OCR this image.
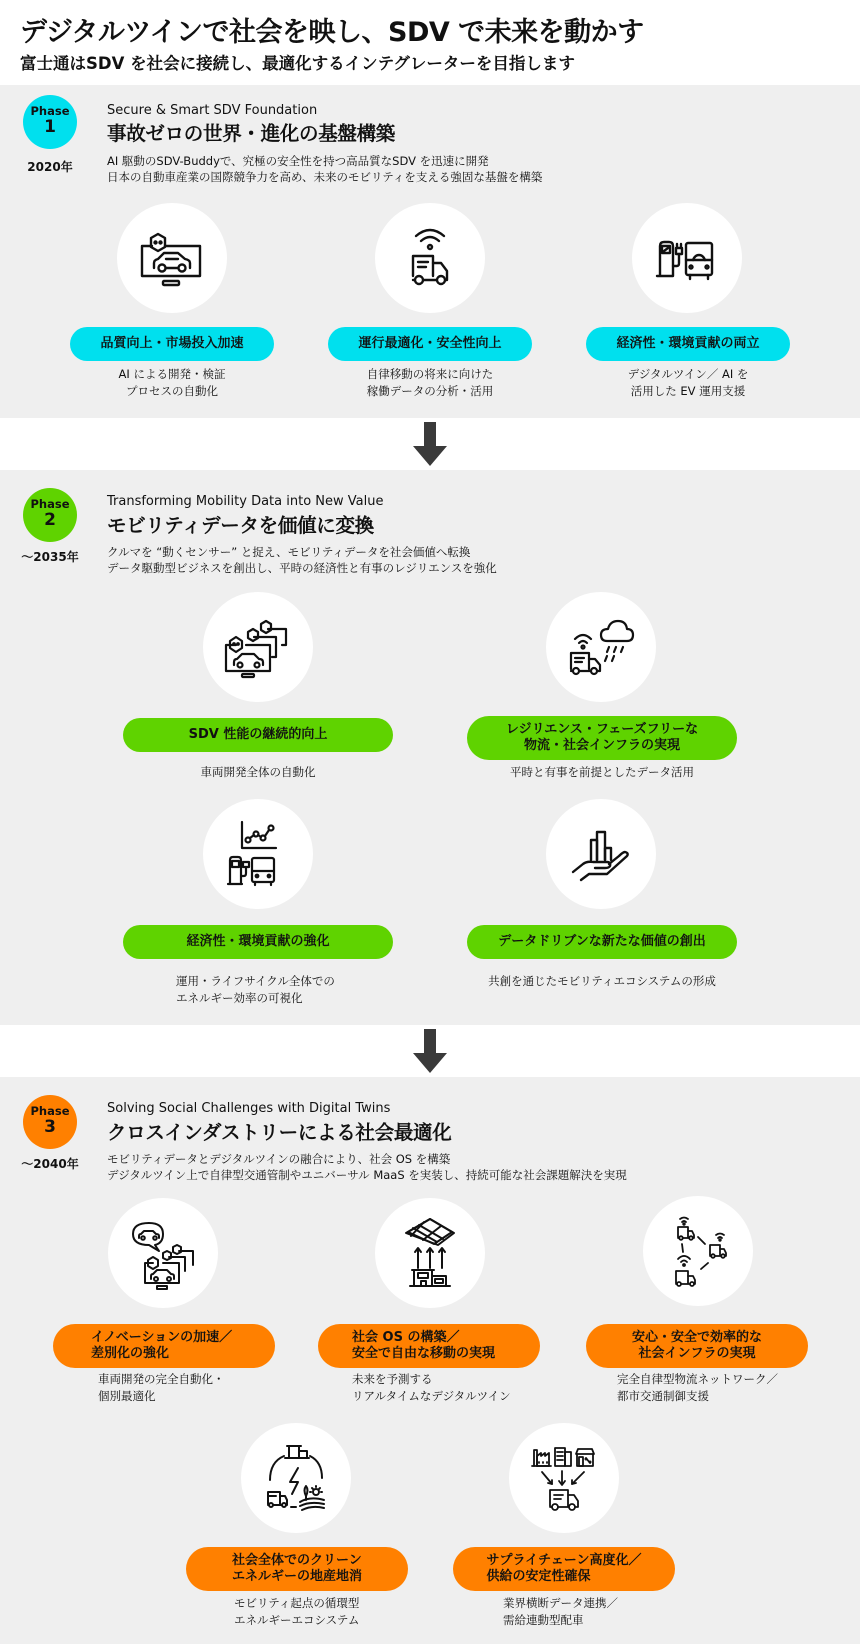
デジタルツインで社会を映し、SDV で未来を動かす
富士通はSDV を社会に接続し、最適化するインテグレーターを目指します
Phase
1
2020年
Secure & Smart SDV Foundation
事故ゼロの世界・進化の基盤構築
AI 駆動のSDV-Buddyで、究極の安全性を持つ高品質なSDV を迅速に開発
日本の自動車産業の国際競争力を高め、未来のモビリティを支える強固な基盤を構築
品質向上・市場投入加速
AI による開発・検証
プロセスの自動化
運行最適化・安全性向上
自律移動の将来に向けた
稼働データの分析・活用
経済性・環境貢献の両立
デジタルツイン／ AI を
活用した EV 運用支援
Phase
2
～2035年
Transforming Mobility Data into New Value
モビリティデータを価値に変換
クルマを “動くセンサー” と捉え、モビリティデータを社会価値へ転換
データ駆動型ビジネスを創出し、平時の経済性と有事のレジリエンスを強化
SDV 性能の継続的向上
車両開発全体の自動化
レジリエンス・フェーズフリーな
物流・社会インフラの実現
平時と有事を前提としたデータ活用
経済性・環境貢献の強化
運用・ライフサイクル全体での
エネルギー効率の可視化
データドリブンな新たな価値の創出
共創を通じたモビリティエコシステムの形成
Phase
3
～2040年
Solving Social Challenges with Digital Twins
クロスインダストリーによる社会最適化
モビリティデータとデジタルツインの融合により、社会 OS を構築
デジタルツイン上で自律型交通管制やユニバーサル MaaS を実装し、持続可能な社会課題解決を実現
イノベーションの加速／
差別化の強化
車両開発の完全自動化・
個別最適化
社会 OS の構築／
安全で自由な移動の実現
未来を予測する
リアルタイムなデジタルツイン
安心・安全で効率的な
社会インフラの実現
完全自律型物流ネットワーク／
都市交通制御支援
社会全体でのクリーン
エネルギーの地産地消
モビリティ起点の循環型
エネルギーエコシステム
サプライチェーン高度化／
供給の安定性確保
業界横断データ連携／
需給連動型配車
